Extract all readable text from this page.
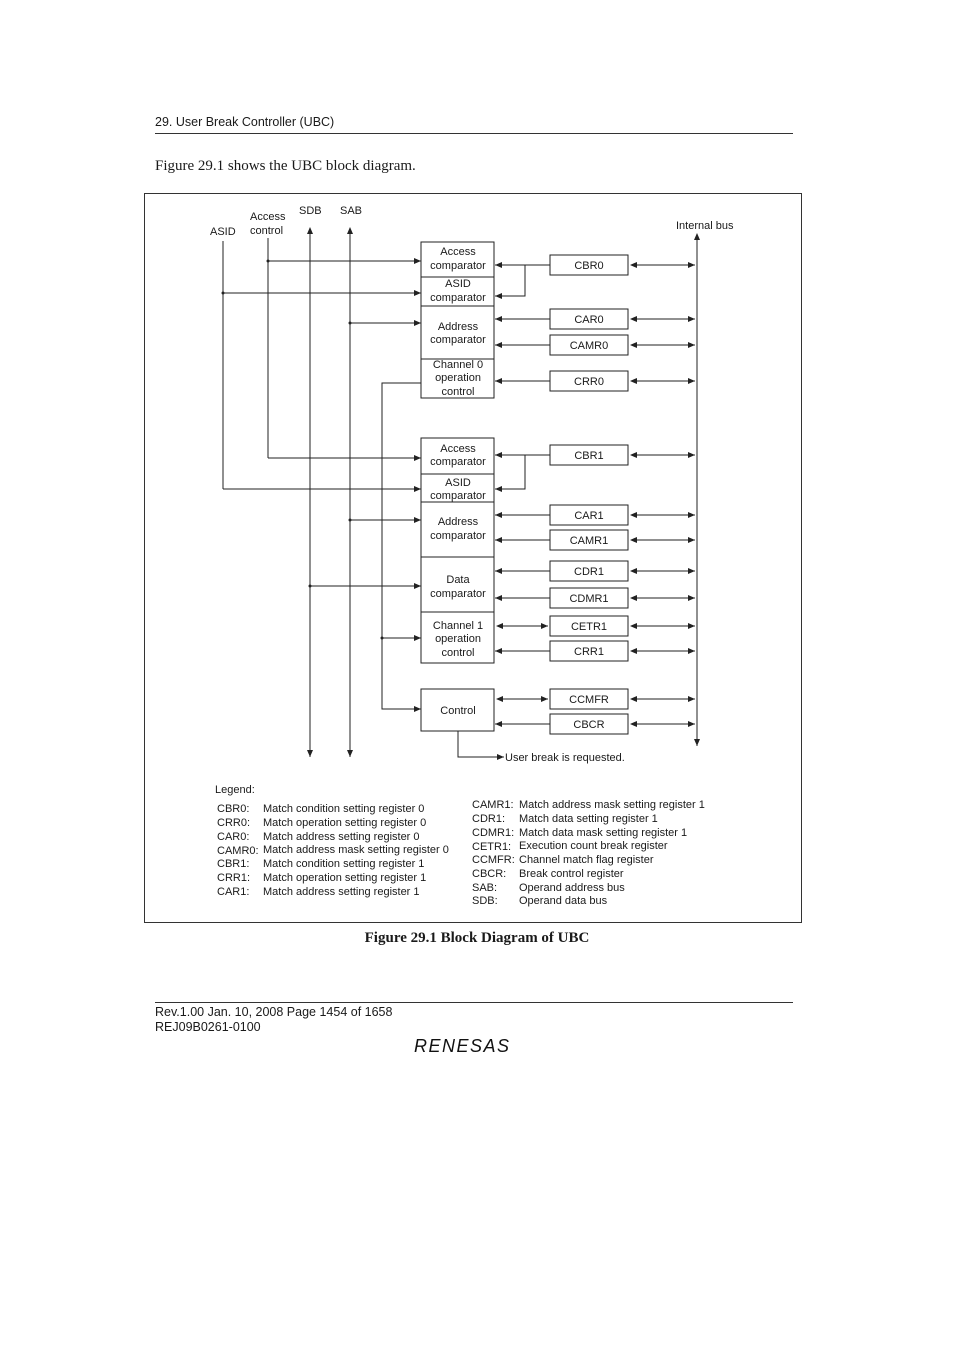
29. User Break Controller (UBC)
Figure 29.1 shows the UBC block diagram.
ASID
Access
control
SDB SAB
Internal bus
Access
comparator
ASID
comparator
Address
comparator
Channel 0
operation
control
Access
comparator
ASID
comparator
Address
comparator
Data
comparator
Channel 1
operation
control
Control
CBR0
CAR0
CAMR0
CRR0
CBR1
CAR1
CAMR1
CDR1
CDMR1
CETR1
CRR1
CCMFR
CBCR
User break is requested.
Legend:
CBR0: Match condition setting register 0
CRR0: Match operation setting register 0
CAR0: Match address setting register 0
CAMR0: Match address mask setting register 0
CBR1: Match condition setting register 1
CRR1: Match operation setting register 1
CAR1: Match address setting register 1
CAMR1: Match address mask setting register 1
CDR1: Match data setting register 1
CDMR1: Match data mask setting register 1
CETR1: Execution count break register
CCMFR: Channel match flag register
CBCR: Break control register
SAB: Operand address bus
SDB: Operand data bus
Figure 29.1 Block Diagram of UBC
Rev.1.00 Jan. 10, 2008 Page 1454 of 1658
REJ09B0261-0100
RENESAS
